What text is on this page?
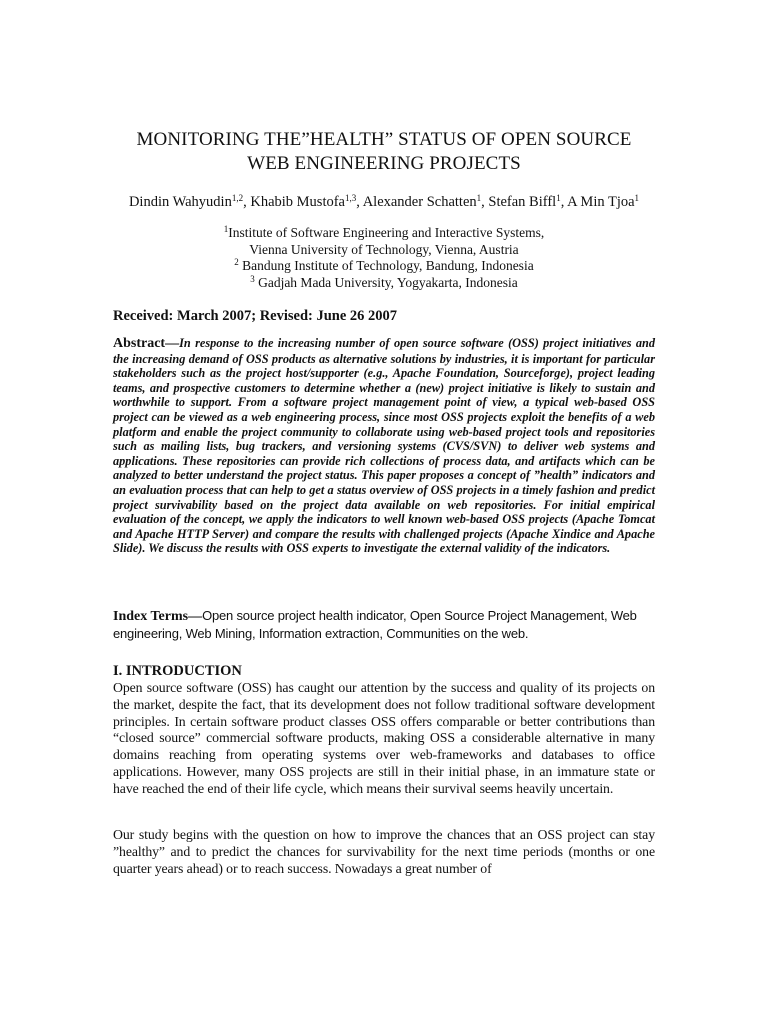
MONITORING THE”HEALTH” STATUS OF OPEN SOURCE
WEB ENGINEERING PROJECTS
Dindin Wahyudin$^{1,2}$, Khabib Mustofa$^{1,3}$, Alexander Schatten$^1$, Stefan Biffl$^1$, A Min Tjoa$^1$
$^1$Institute of Software Engineering and Interactive Systems,
Vienna University of Technology, Vienna, Austria
$^2$ Bandung Institute of Technology, Bandung, Indonesia
$^3$ Gadjah Mada University, Yogyakarta, Indonesia
Received: March 2007; Revised: June 26 2007
Abstract—In response to the increasing number of open source software (OSS) project initiatives and the increasing demand of OSS products as alternative solutions by industries, it is important for particular stakeholders such as the project host/supporter (e.g., Apache Foundation, Sourceforge), project leading teams, and prospective customers to determine whether a (new) project initiative is likely to sustain and worthwhile to support. From a software project management point of view, a typical web-based OSS project can be viewed as a web engineering process, since most OSS projects exploit the benefits of a web platform and enable the project community to collaborate using web-based project tools and repositories such as mailing lists, bug trackers, and versioning systems (CVS/SVN) to deliver web systems and applications. These repositories can provide rich collections of process data, and artifacts which can be analyzed to better understand the project status. This paper proposes a concept of ”health” indicators and an evaluation process that can help to get a status overview of OSS projects in a timely fashion and predict project survivability based on the project data available on web repositories. For initial empirical evaluation of the concept, we apply the indicators to well known web-based OSS projects (Apache Tomcat and Apache HTTP Server) and compare the results with challenged projects (Apache Xindice and Apache Slide). We discuss the results with OSS experts to investigate the external validity of the indicators.
Index Terms—Open source project health indicator, Open Source Project Management, Web engineering, Web Mining, Information extraction, Communities on the web.
I. INTRODUCTION
Open source software (OSS) has caught our attention by the success and quality of its projects on the market, despite the fact, that its development does not follow traditional software development principles. In certain software product classes OSS offers comparable or better contributions than “closed source” commercial software products, making OSS a considerable alternative in many domains reaching from operating systems over web-frameworks and databases to office applications. However, many OSS projects are still in their initial phase, in an immature state or have reached the end of their life cycle, which means their survival seems heavily uncertain.
Our study begins with the question on how to improve the chances that an OSS project can stay ”healthy” and to predict the chances for survivability for the next time periods (months or one quarter years ahead) or to reach success. Nowadays a great number of
